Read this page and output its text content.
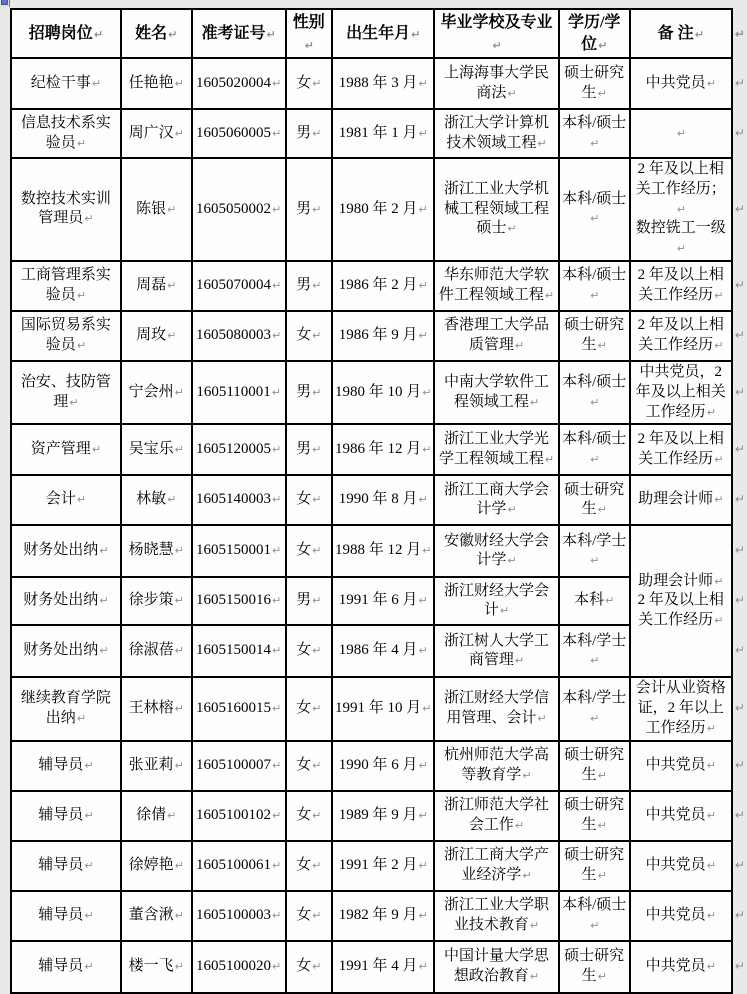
招聘岗位↵	姓名↵	准考证号↵	性别↵	出生年月↵	毕业学校及专业↵	学历/学位↵	备 注↵	↵

纪检干事↵	任艳艳↵	1605020004↵	女↵	1988 年 3 月↵	上海海事大学民商法↵	硕士研究生↵	中共党员↵	↵

信息技术系实验员↵	周广汉↵	1605060005↵	男↵	1981 年 1 月↵	浙江大学计算机技术领域工程↵	本科/硕士↵	↵	↵

数控技术实训管理员↵	陈银↵	1605050002↵	男↵	1980 年 2 月↵	浙江工业大学机械工程领域工程硕士↵	本科/硕士↵	2 年及以上相关工作经历；↵
数控铣工一级↵	↵

工商管理系实验员↵	周磊↵	1605070004↵	男↵	1986 年 2 月↵	华东师范大学软件工程领域工程↵	本科/硕士↵	2 年及以上相关工作经历↵	↵

国际贸易系实验员↵	周玫↵	1605080003↵	女↵	1986 年 9 月↵	香港理工大学品质管理↵	硕士研究生↵	2 年及以上相关工作经历↵	↵

治安、技防管理↵	宁会州↵	1605110001↵	男↵	1980 年 10 月↵	中南大学软件工程领域工程↵	本科/硕士↵	中共党员，2 年及以上相关工作经历↵	↵

资产管理↵	吴宝乐↵	1605120005↵	男↵	1986 年 12 月↵	浙江工业大学光学工程领域工程↵	本科/硕士↵	2 年及以上相关工作经历↵	↵

会计↵	林敏↵	1605140003↵	女↵	1990 年 8 月↵	浙江工商大学会计学↵	硕士研究生↵	助理会计师↵	↵

财务处出纳↵	杨晓慧↵	1605150001↵	女↵	1988 年 12 月↵	安徽财经大学会计学↵	本科/学士↵	助理会计师↵
2 年及以上相关工作经历↵	↵

财务处出纳↵	徐步策↵	1605150016↵	男↵	1991 年 6 月↵	浙江财经大学会计↵	本科↵		↵

财务处出纳↵	徐淑蓓↵	1605150014↵	女↵	1986 年 4 月↵	浙江树人大学工商管理↵	本科/学士↵		↵

继续教育学院出纳↵	王林榕↵	1605160015↵	女↵	1991 年 10 月↵	浙江财经大学信用管理、会计↵	本科/学士↵	会计从业资格证，2 年以上工作经历↵	↵

辅导员↵	张亚莉↵	1605100007↵	女↵	1990 年 6 月↵	杭州师范大学高等教育学↵	硕士研究生↵	中共党员↵	↵

辅导员↵	徐倩↵	1605100102↵	女↵	1989 年 9 月↵	浙江师范大学社会工作↵	硕士研究生↵	中共党员↵	↵

辅导员↵	徐婷艳↵	1605100061↵	女↵	1991 年 2 月↵	浙江工商大学产业经济学↵	硕士研究生↵	中共党员↵	↵

辅导员↵	董含湫↵	1605100003↵	女↵	1982 年 9 月↵	浙江工业大学职业技术教育↵	本科/硕士↵	中共党员↵	↵

辅导员↵	楼一飞↵	1605100020↵	女↵	1991 年 4 月↵	中国计量大学思想政治教育↵	硕士研究生↵	中共党员↵	↵
